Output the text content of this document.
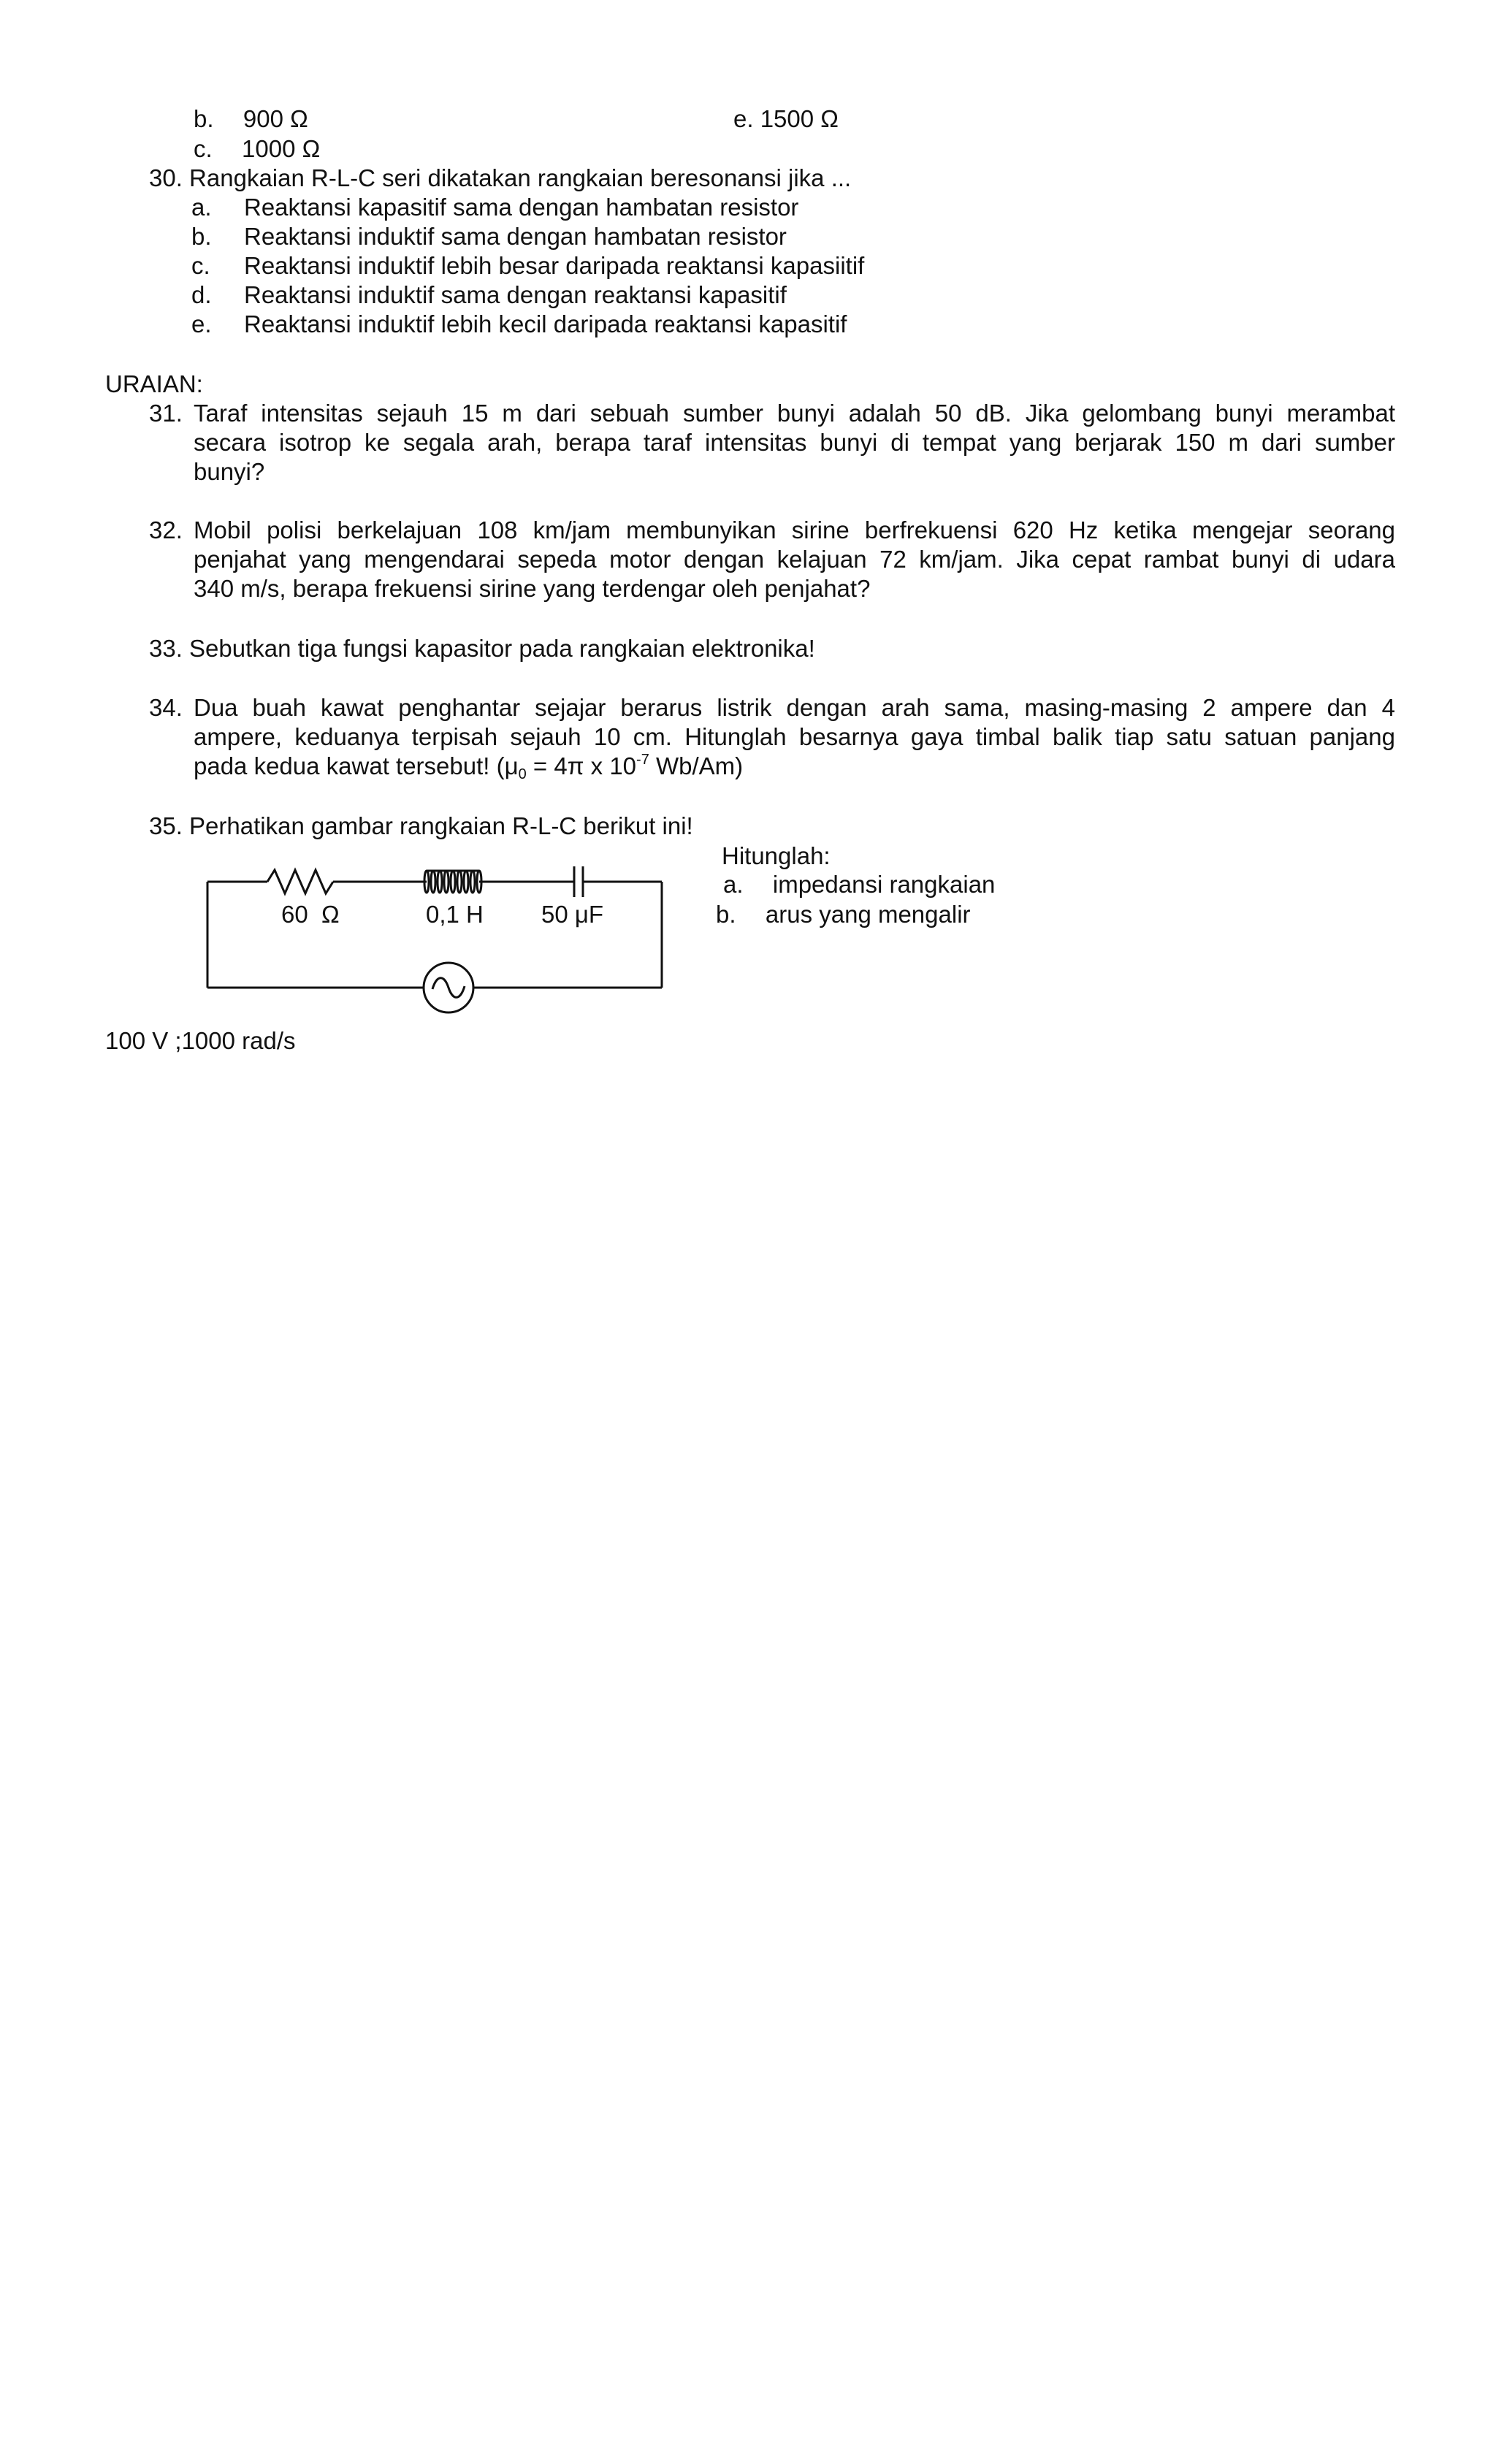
b. 900 Ω	e. 1500 Ω
c. 1000 Ω
30. Rangkaian R-L-C seri dikatakan rangkaian beresonansi jika ...
a. Reaktansi kapasitif sama dengan hambatan resistor
b. Reaktansi induktif sama dengan hambatan resistor
c. Reaktansi induktif lebih besar daripada reaktansi kapasiitif
d. Reaktansi induktif sama dengan reaktansi kapasitif
e. Reaktansi induktif lebih kecil daripada reaktansi kapasitif
URAIAN:
31. Taraf intensitas sejauh 15 m dari sebuah sumber bunyi adalah 50 dB. Jika gelombang bunyi merambat
secara isotrop ke segala arah, berapa taraf intensitas bunyi di tempat yang berjarak 150 m dari sumber
bunyi?
32. Mobil polisi berkelajuan 108 km/jam membunyikan sirine berfrekuensi 620 Hz ketika mengejar seorang
penjahat yang mengendarai sepeda motor dengan kelajuan 72 km/jam. Jika cepat rambat bunyi di udara
340 m/s, berapa frekuensi sirine yang terdengar oleh penjahat?
33. Sebutkan tiga fungsi kapasitor pada rangkaian elektronika!
34. Dua buah kawat penghantar sejajar berarus listrik dengan arah sama, masing-masing 2 ampere dan 4
ampere, keduanya terpisah sejauh 10 cm. Hitunglah besarnya gaya timbal balik tiap satu satuan panjang
pada kedua kawat tersebut! ($\mu_0 = 4\pi$ x $10^{-7}$ Wb/Am)
35. Perhatikan gambar rangkaian R-L-C berikut ini!
Hitunglah:
a. impedansi rangkaian
b. arus yang mengalir
60  Ω	0,1 H 50 μF
100 V ;1000 rad/s
